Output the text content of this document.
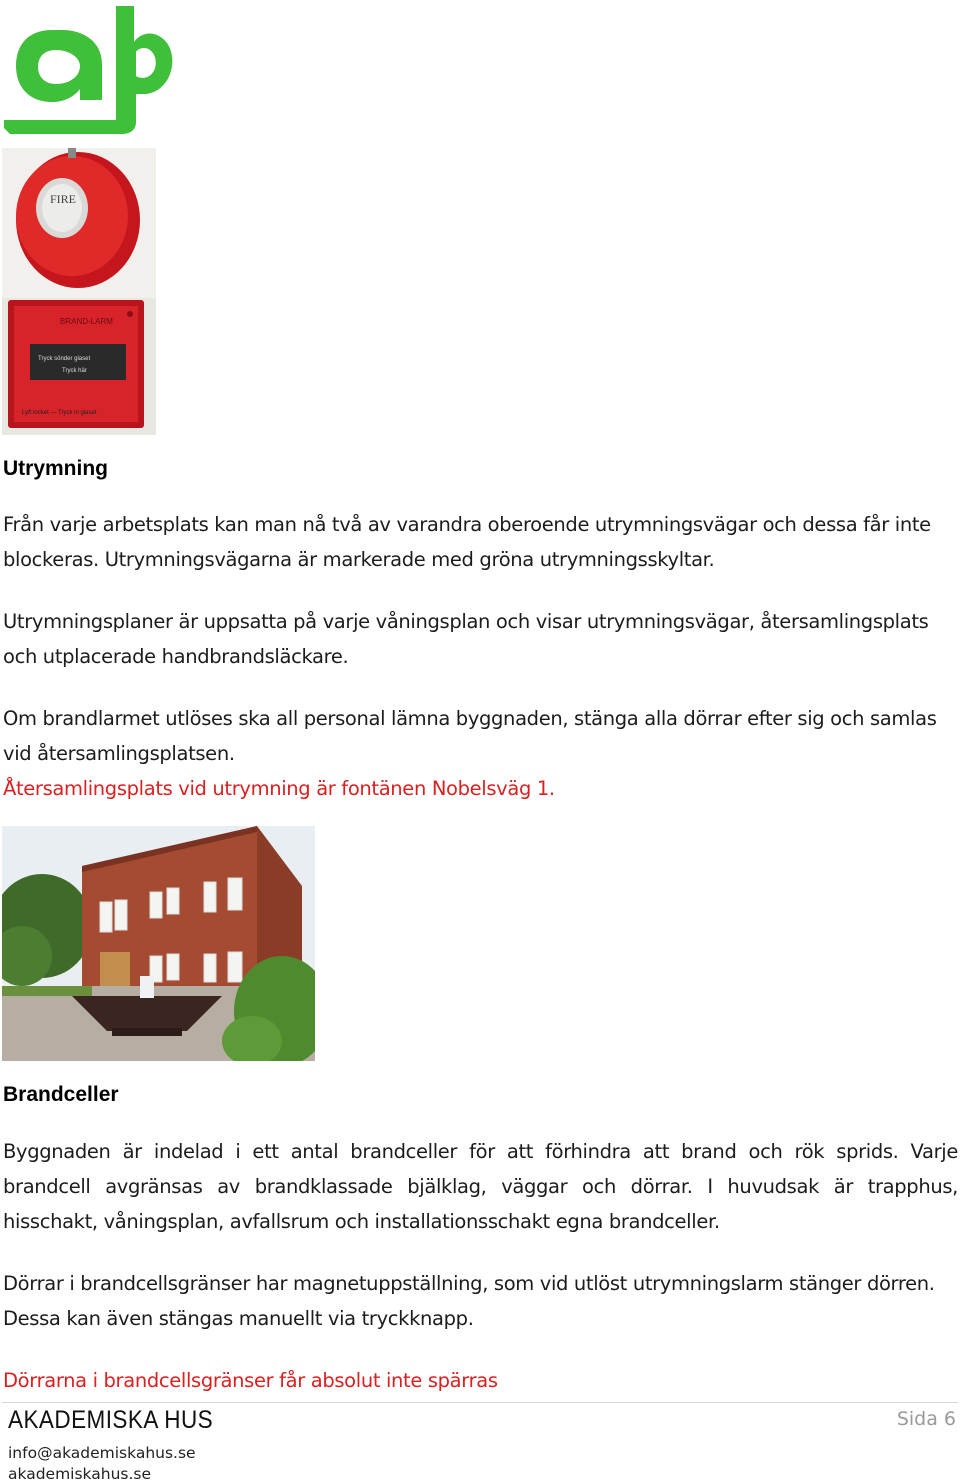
FIRE
BRAND-LARM
Tryck sönder glaset
Tryck här
Lyft locket — Tryck in glaset
Utrymning

Från varje arbetsplats kan man nå två av varandra oberoende utrymningsvägar och dessa får inte

blockeras. Utrymningsvägarna är markerade med gröna utrymningsskyltar.

Utrymningsplaner är uppsatta på varje våningsplan och visar utrymningsvägar, återsamlingsplats

och utplacerade handbrandsläckare.

Om brandlarmet utlöses ska all personal lämna byggnaden, stänga alla dörrar efter sig och samlas

vid återsamlingsplatsen.

Återsamlingsplats vid utrymning är fontänen Nobelsväg 1.

Brandceller

Byggnaden är indelad i ett antal brandceller för att förhindra att brand och rök sprids. Varje

brandcell avgränsas av brandklassade bjälklag, väggar och dörrar. I huvudsak är trapphus,

hisschakt, våningsplan, avfallsrum och installationsschakt egna brandceller.

Dörrar i brandcellsgränser har magnetuppställning, som vid utlöst utrymningslarm stänger dörren.

Dessa kan även stängas manuellt via tryckknapp.

Dörrarna i brandcellsgränser får absolut inte spärras

AKADEMISKA HUS
info@akademiskahus.se
akademiskahus.se
Sida 6
